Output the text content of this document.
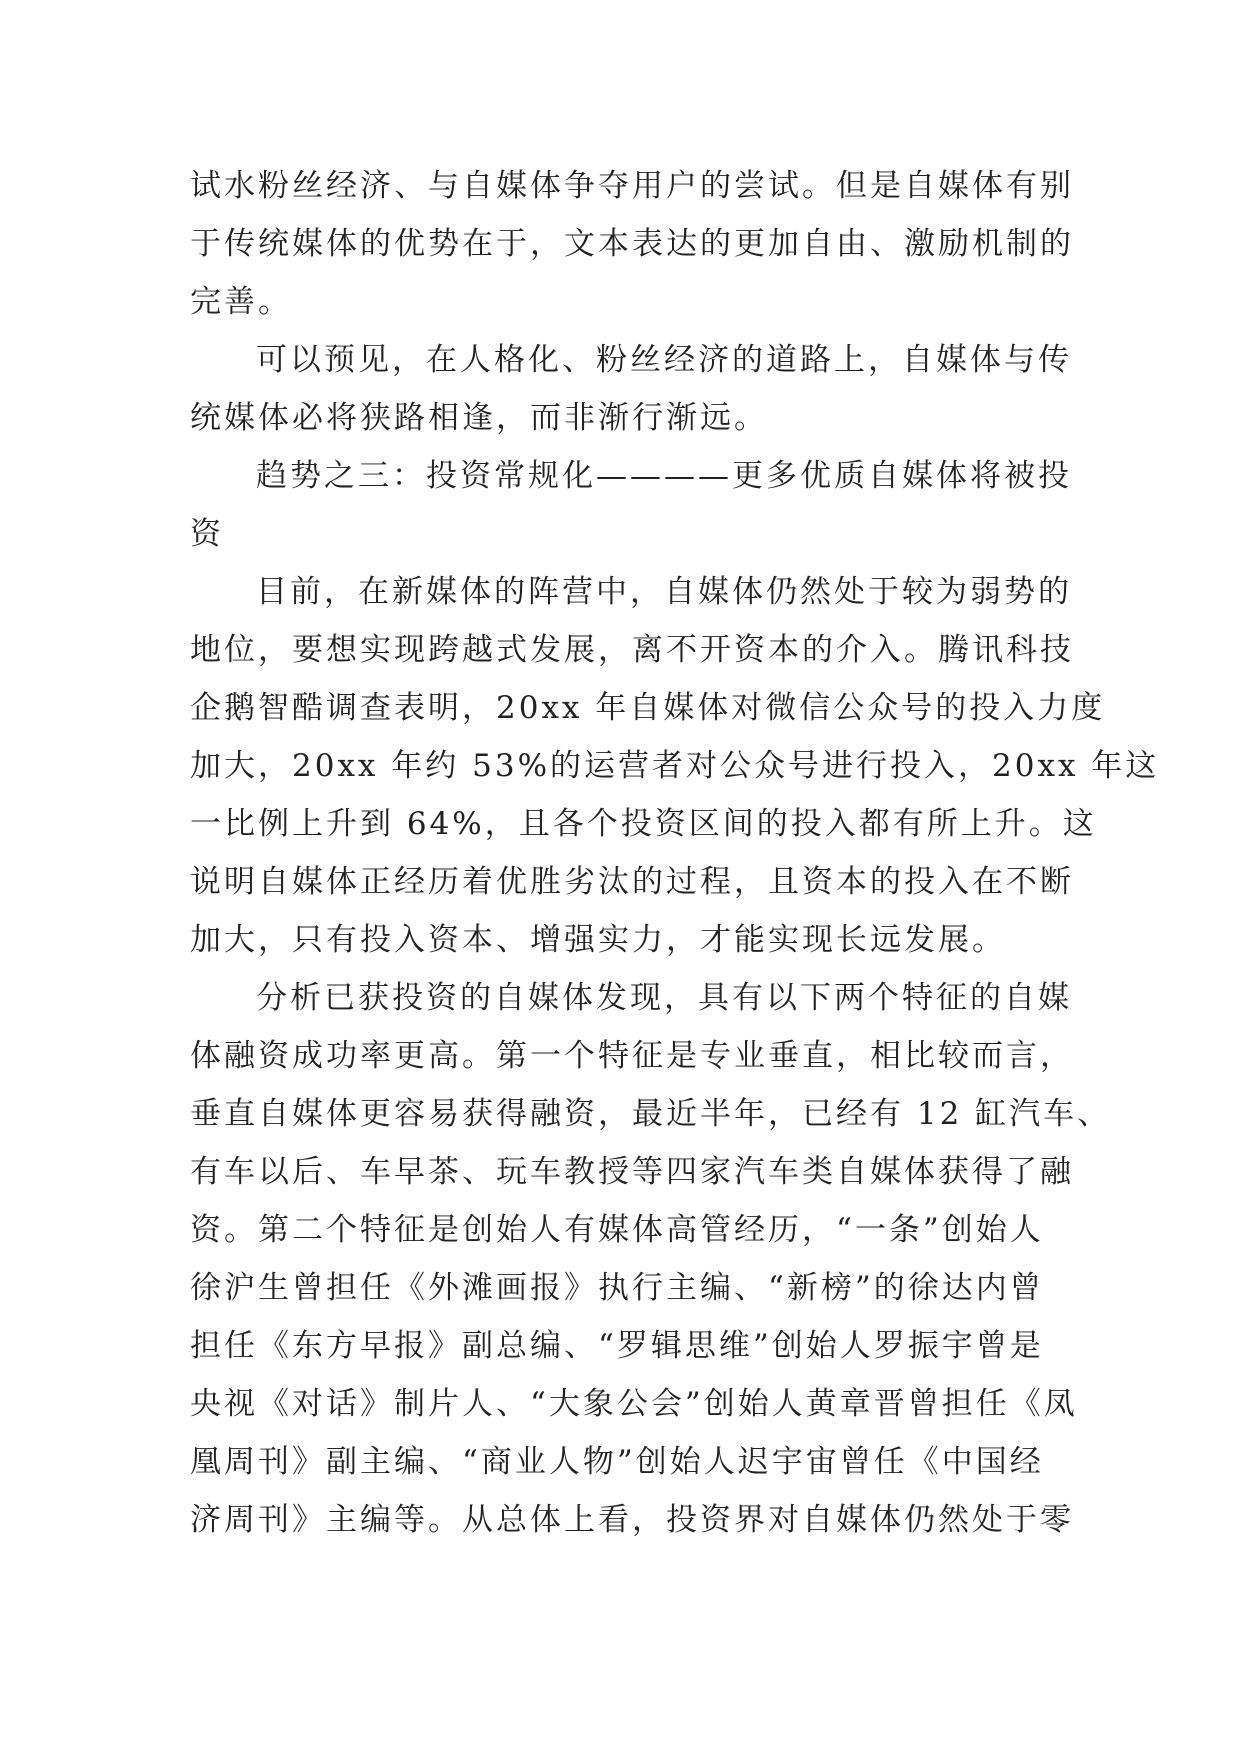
试水粉丝经济、与自媒体争夺用户的尝试。但是自媒体有别
于传统媒体的优势在于，文本表达的更加自由、激励机制的
完善。
可以预见，在人格化、粉丝经济的道路上，自媒体与传
统媒体必将狭路相逢，而非渐行渐远。
趋势之三：投资常规化————更多优质自媒体将被投
资
目前，在新媒体的阵营中，自媒体仍然处于较为弱势的
地位，要想实现跨越式发展，离不开资本的介入。腾讯科技
企鹅智酷调查表明，20xx 年自媒体对微信公众号的投入力度
加大，20xx 年约 53%的运营者对公众号进行投入，20xx 年这
一比例上升到 64%，且各个投资区间的投入都有所上升。这
说明自媒体正经历着优胜劣汰的过程，且资本的投入在不断
加大，只有投入资本、增强实力，才能实现长远发展。
分析已获投资的自媒体发现，具有以下两个特征的自媒
体融资成功率更高。第一个特征是专业垂直，相比较而言，
垂直自媒体更容易获得融资，最近半年，已经有 12 缸汽车、
有车以后、车早茶、玩车教授等四家汽车类自媒体获得了融
资。第二个特征是创始人有媒体高管经历，“一条”创始人
徐沪生曾担任《外滩画报》执行主编、“新榜”的徐达内曾
担任《东方早报》副总编、“罗辑思维”创始人罗振宇曾是
央视《对话》制片人、“大象公会”创始人黄章晋曾担任《凤
凰周刊》副主编、“商业人物”创始人迟宇宙曾任《中国经
济周刊》主编等。从总体上看，投资界对自媒体仍然处于零
